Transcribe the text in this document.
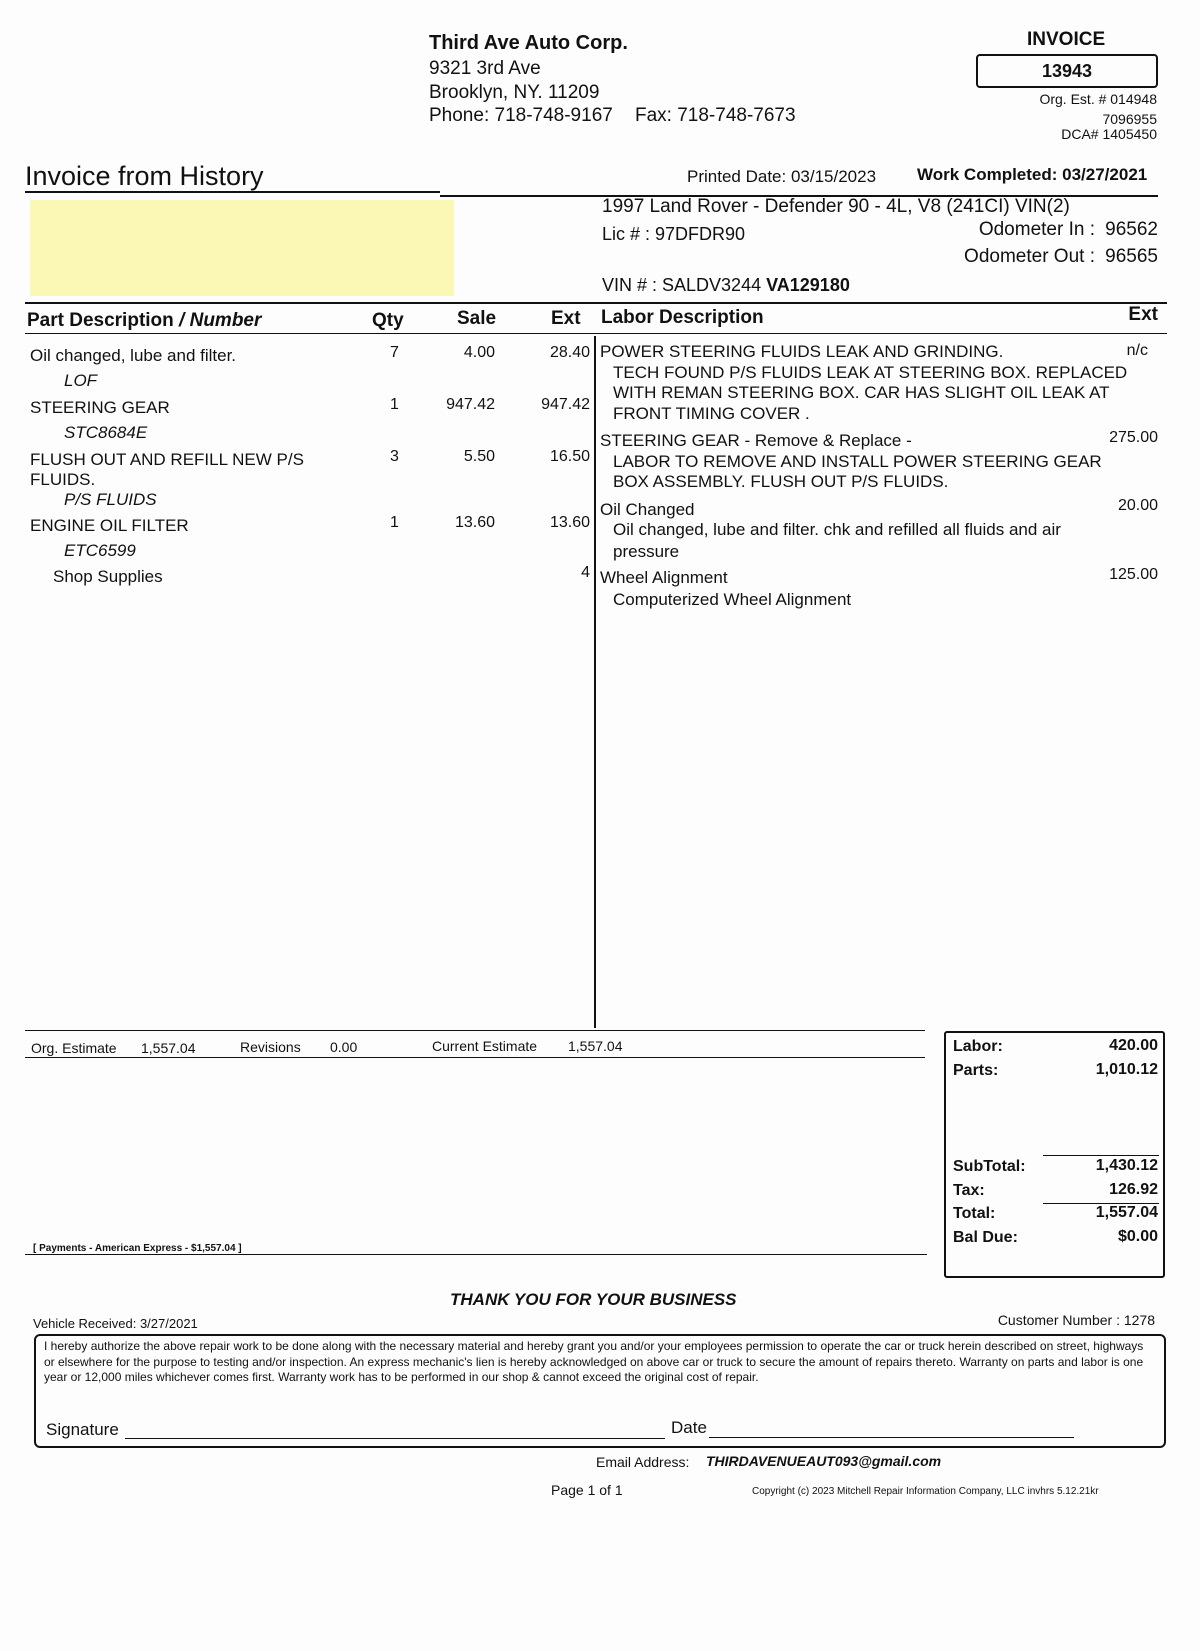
Third Ave Auto Corp.
9321 3rd Ave
Brooklyn, NY. 11209
Phone: 718-748-9167 Fax: 718-748-7673
INVOICE
13943
Org. Est. # 014948
7096955
DCA# 1405450
Invoice from History	Printed Date: 03/15/2023 Work Completed: 03/27/2021
1997 Land Rover - Defender 90 - 4L, V8 (241CI) VIN(2)
Lic # : 97DFDR90	Odometer In : 96562
Odometer Out : 96565
VIN # : SALDV3244 VA129180
Part Description / Number	Qty	Sale	Ext Labor Description	Ext
Oil changed, lube and filter.
LOF
7	4.00	28.40
STEERING GEAR
STC8684E
1	947.42	947.42
FLUSH OUT AND REFILL NEW P/S
FLUIDS.
P/S FLUIDS
3	5.50	16.50
ENGINE OIL FILTER
ETC6599
1	13.60	13.60
Shop Supplies	4
POWER STEERING FLUIDS LEAK AND GRINDING.	n/c
TECH FOUND P/S FLUIDS LEAK AT STEERING BOX. REPLACED
WITH REMAN STEERING BOX. CAR HAS SLIGHT OIL LEAK AT
FRONT TIMING COVER .
STEERING GEAR - Remove & Replace -	275.00
LABOR TO REMOVE AND INSTALL POWER STEERING GEAR
BOX ASSEMBLY. FLUSH OUT P/S FLUIDS.
Oil Changed	20.00
Oil changed, lube and filter. chk and refilled all fluids and air
pressure
Wheel Alignment	125.00
Computerized Wheel Alignment
Org. Estimate 1,557.04	Revisions 0.00	Current Estimate 1,557.04
[ Payments - American Express - $1,557.04 ]
Labor:	420.00
Parts:	1,010.12
SubTotal:	1,430.12
Tax:	126.92
Total:	1,557.04
Bal Due:	$0.00
THANK YOU FOR YOUR BUSINESS
Vehicle Received: 3/27/2021	Customer Number : 1278
I hereby authorize the above repair work to be done along with the necessary material and hereby grant you and/or your employees permission to operate the car or truck herein described on street, highways or elsewhere for the purpose to testing and/or inspection. An express mechanic's lien is hereby acknowledged on above car or truck to secure the amount of repairs thereto. Warranty on parts and labor is one year or 12,000 miles whichever comes first. Warranty work has to be performed in our shop & cannot exceed the original cost of repair.
Signature	Date
Email Address: THIRDAVENUEAUT093@gmail.com
Page 1 of 1	Copyright (c) 2023 Mitchell Repair Information Company, LLC invhrs 5.12.21kr
